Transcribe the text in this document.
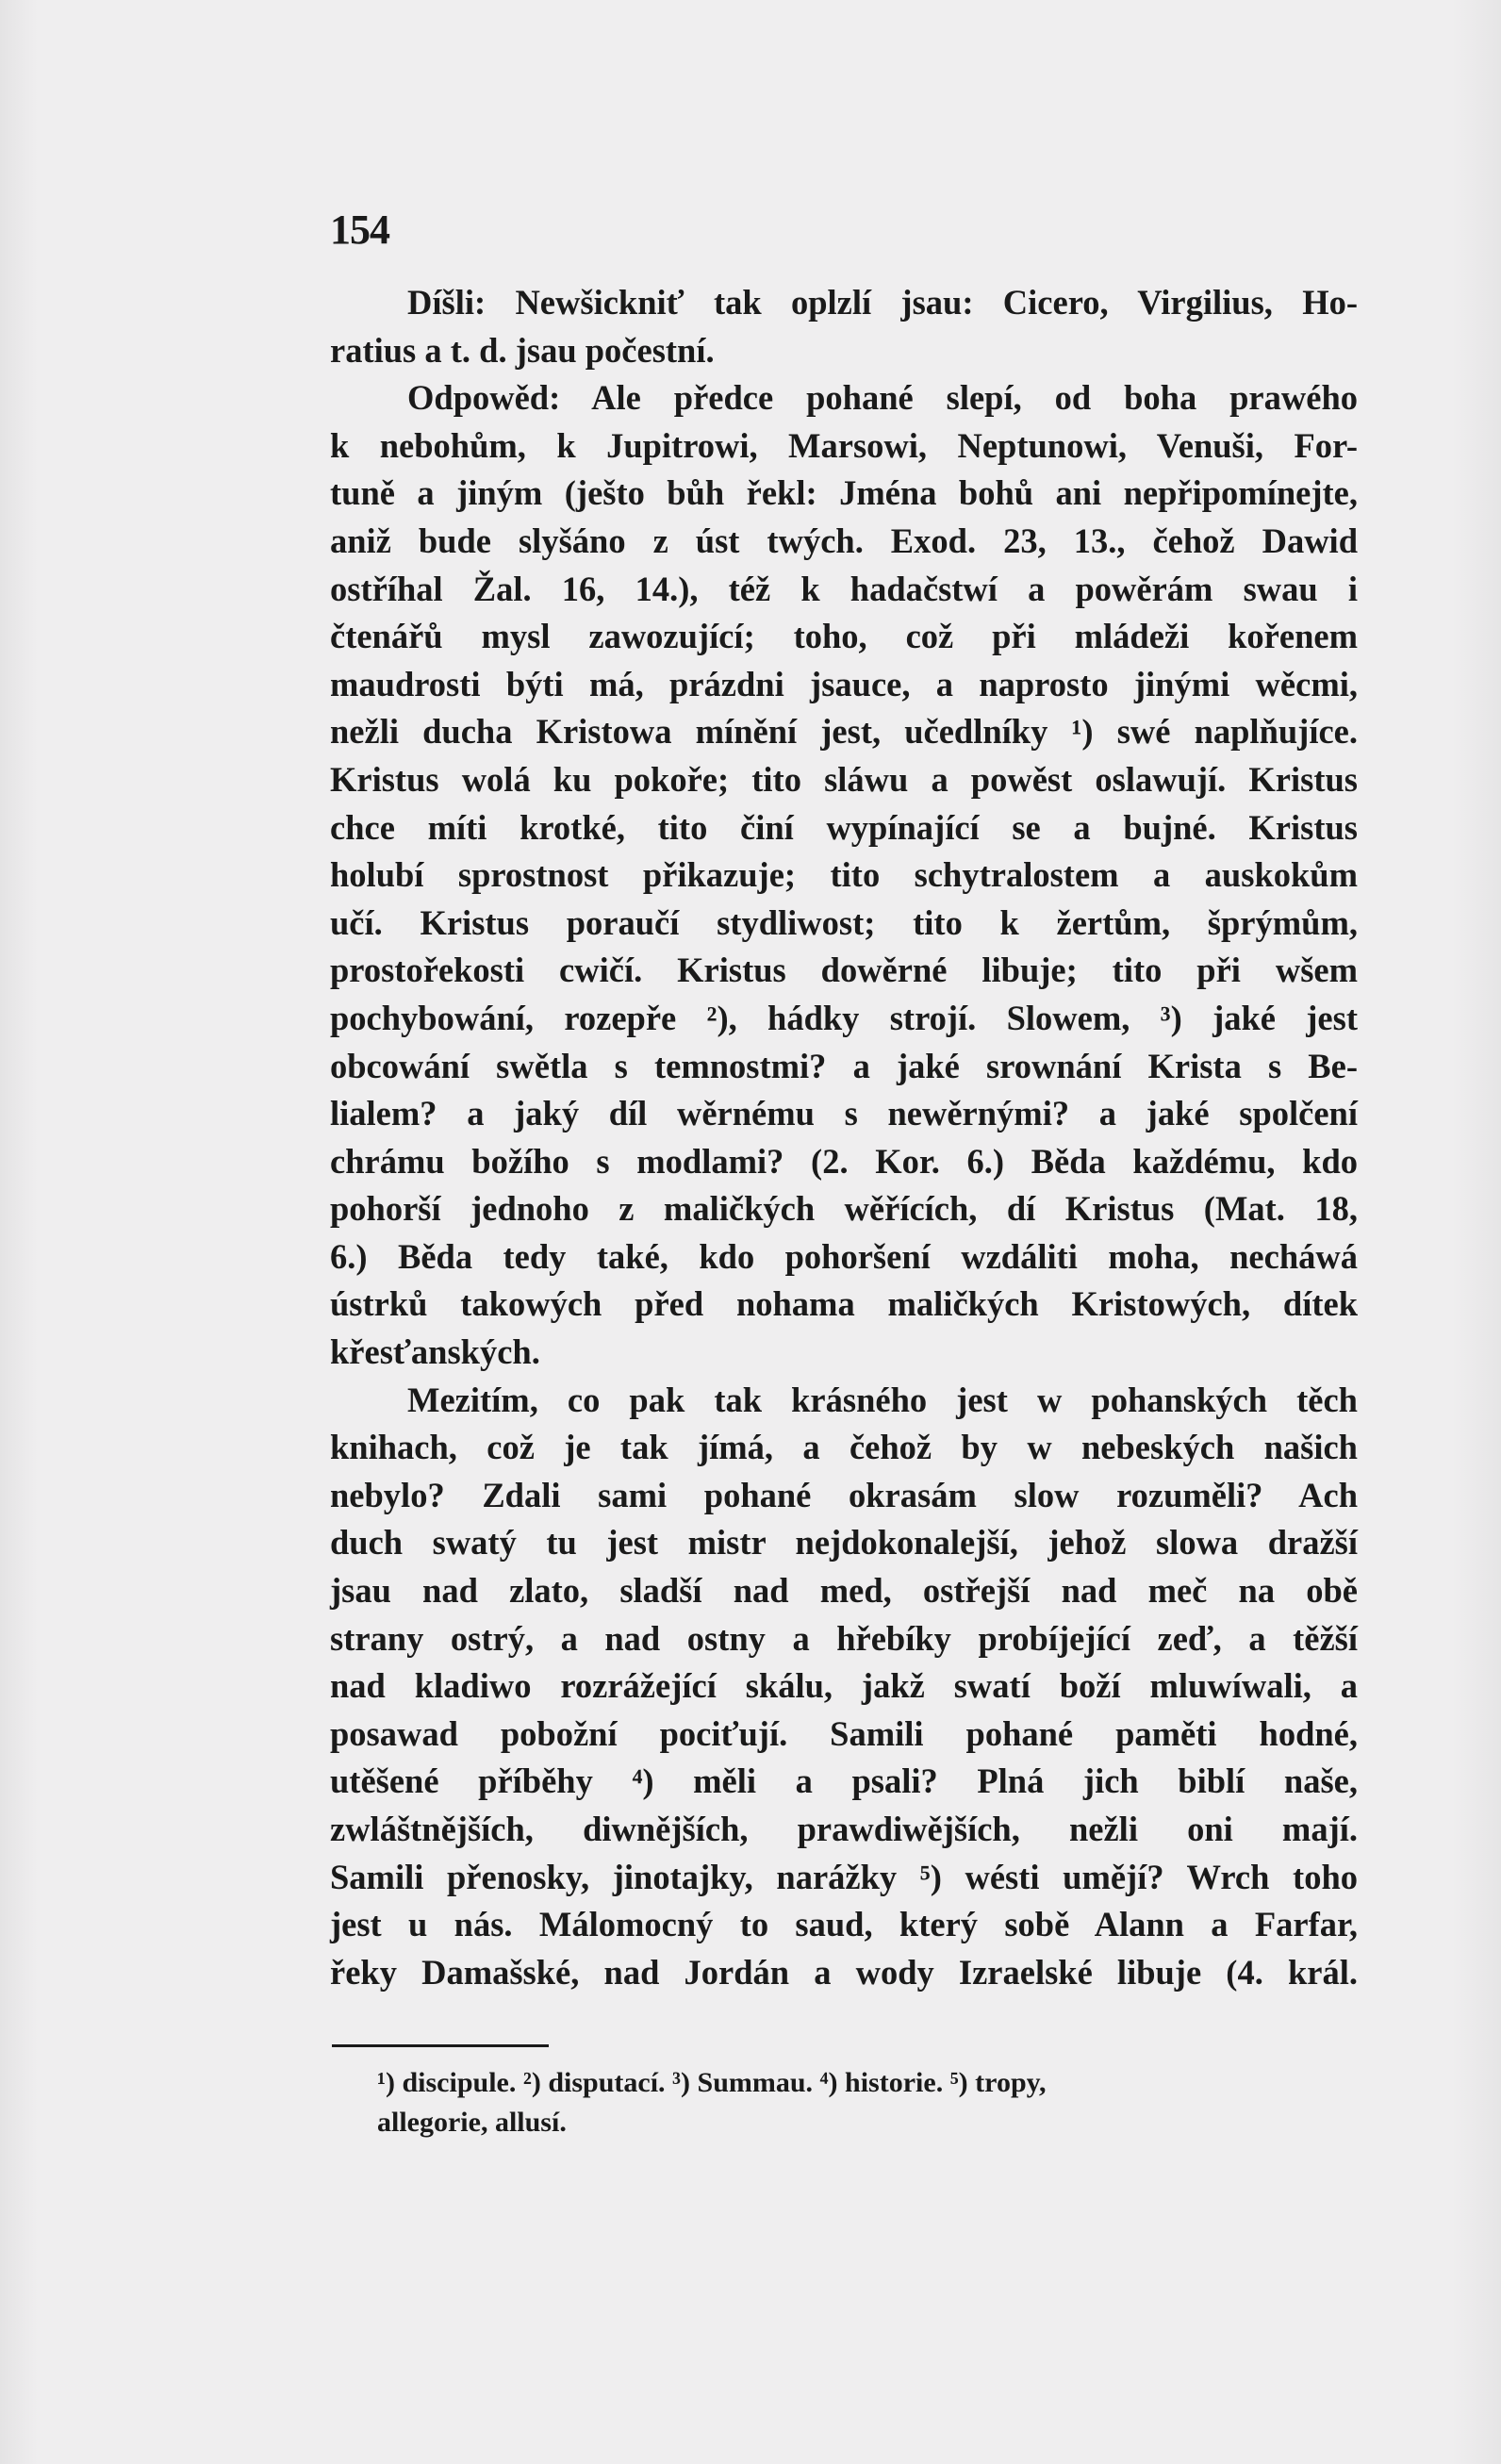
154
Díšli: Newšickniť tak oplzlí jsau: Cicero, Virgilius, Ho-
ratius a t. d. jsau počestní.
Odpowěd: Ale předce pohané slepí, od boha prawého
k nebohům, k Jupitrowi, Marsowi, Neptunowi, Venuši, For-
tuně a jiným (ješto bůh řekl: Jména bohů ani nepřipomínejte,
aniž bude slyšáno z úst twých. Exod. 23, 13., čehož Dawid
ostříhal Žal. 16, 14.), též k hadačstwí a powěrám swau i
čtenářů mysl zawozující; toho, což při mládeži kořenem
maudrosti býti má, prázdni jsauce, a naprosto jinými wěcmi,
nežli ducha Kristowa mínění jest, učedlníky ¹) swé naplňujíce.
Kristus wolá ku pokoře; tito sláwu a powěst oslawují. Kristus
chce míti krotké, tito činí wypínající se a bujné. Kristus
holubí sprostnost přikazuje; tito schytralostem a auskokům
učí. Kristus poraučí stydliwost; tito k žertům, šprýmům,
prostořekosti cwičí. Kristus dowěrné libuje; tito při wšem
pochybowání, rozepře ²), hádky strojí. Slowem, ³) jaké jest
obcowání swětla s temnostmi? a jaké srownání Krista s Be-
lialem? a jaký díl wěrnému s newěrnými? a jaké spolčení
chrámu božího s modlami? (2. Kor. 6.) Běda každému, kdo
pohorší jednoho z maličkých wěřících, dí Kristus (Mat. 18,
6.) Běda tedy také, kdo pohoršení wzdáliti moha, necháwá
ústrků takowých před nohama maličkých Kristowých, dítek
křesťanských.
Mezitím, co pak tak krásného jest w pohanských těch
knihach, což je tak jímá, a čehož by w nebeských našich
nebylo? Zdali sami pohané okrasám slow rozuměli? Ach
duch swatý tu jest mistr nejdokonalejší, jehož slowa dražší
jsau nad zlato, sladší nad med, ostřejší nad meč na obě
strany ostrý, a nad ostny a hřebíky probíjející zeď, a těžší
nad kladiwo rozrážející skálu, jakž swatí boží mluwíwali, a
posawad pobožní pociťují. Samili pohané paměti hodné,
utěšené příběhy ⁴) měli a psali? Plná jich biblí naše,
zwláštnějších, diwnějších, prawdiwějších, nežli oni mají.
Samili přenosky, jinotajky, narážky ⁵) wésti umějí? Wrch toho
jest u nás. Málomocný to saud, který sobě Alann a Farfar,
řeky Damašské, nad Jordán a wody Izraelské libuje (4. král.
¹) discipule. ²) disputací. ³) Summau. ⁴) historie. ⁵) tropy,
allegorie, allusí.
